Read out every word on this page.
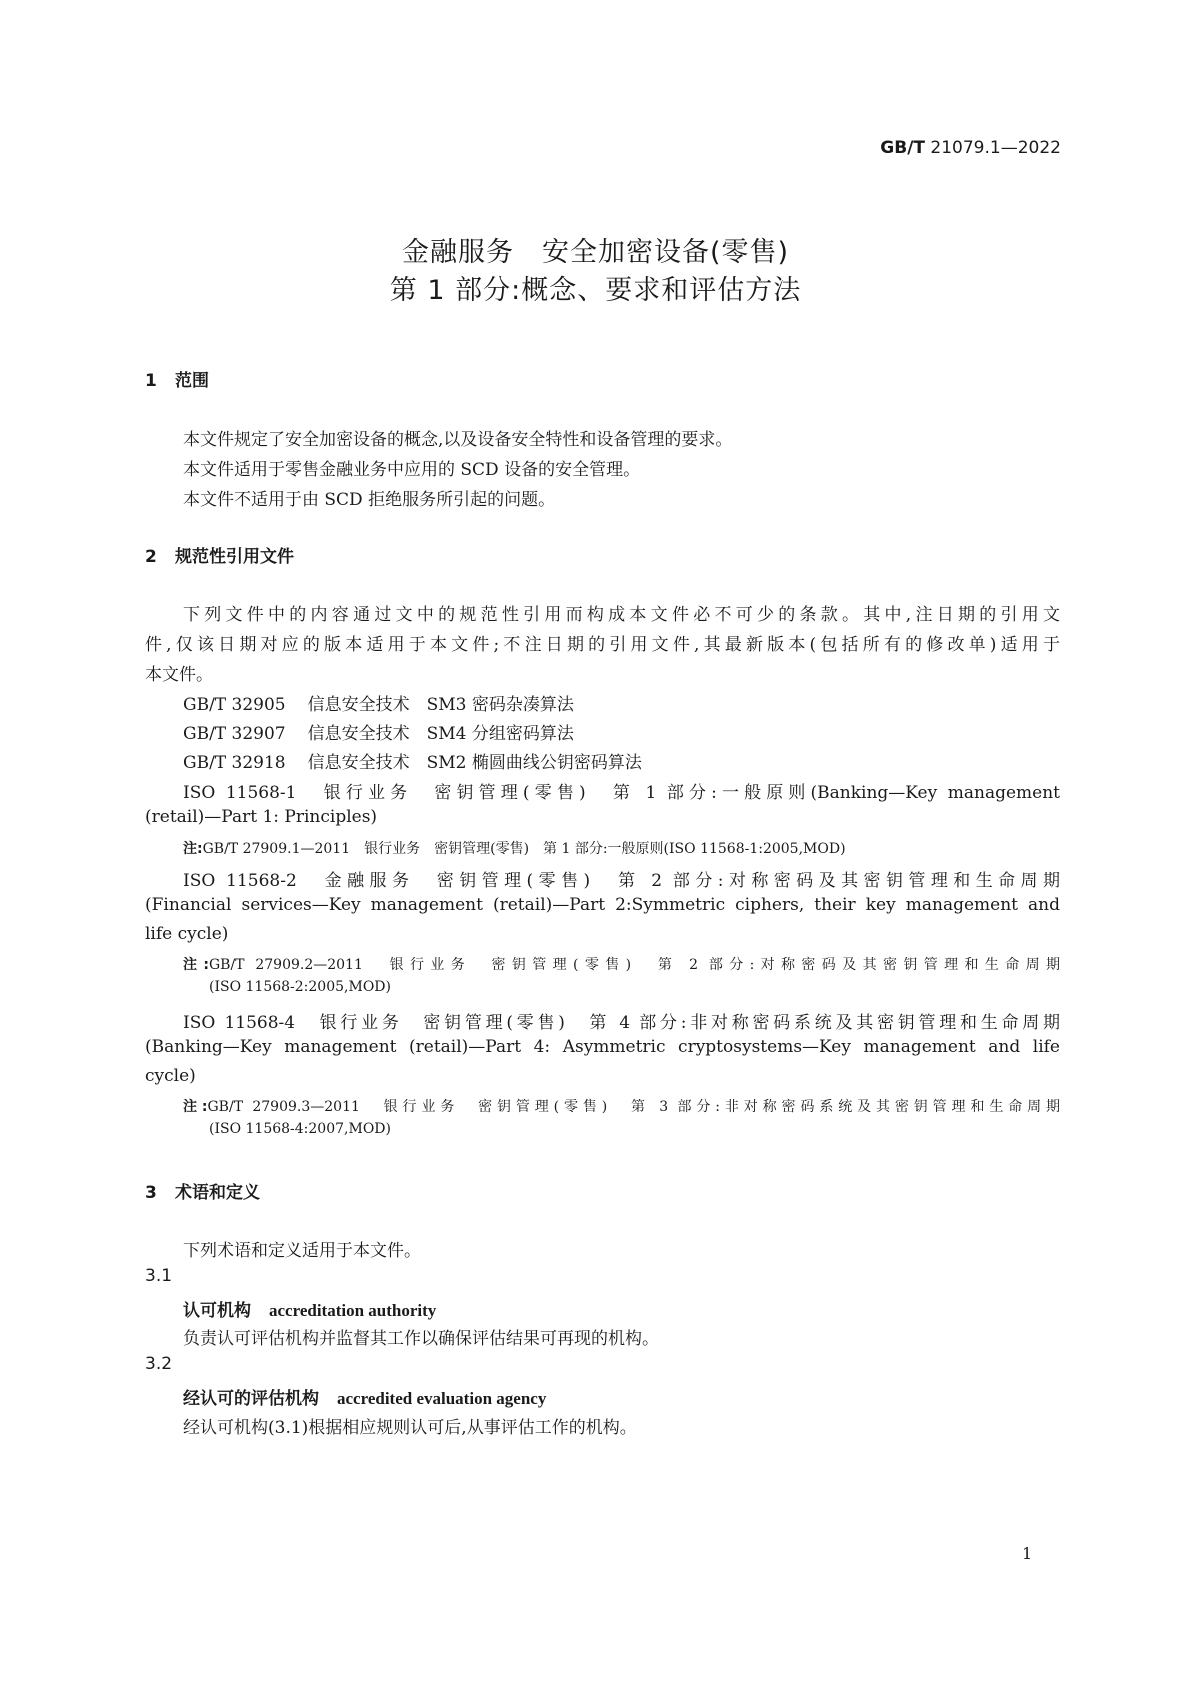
GB/T 21079.1—2022
金融服务　安全加密设备(零售)
第 1 部分:概念、要求和评估方法
1 范围
本文件规定了安全加密设备的概念,以及设备安全特性和设备管理的要求。
本文件适用于零售金融业务中应用的 SCD 设备的安全管理。
本文件不适用于由 SCD 拒绝服务所引起的问题。
2 规范性引用文件
下列文件中的内容通过文中的规范性引用而构成本文件必不可少的条款。其中,注日期的引用文
件,仅该日期对应的版本适用于本文件;不注日期的引用文件,其最新版本(包括所有的修改单)适用于
本文件。
GB/T 32905 信息安全技术　SM3 密码杂凑算法
GB/T 32907 信息安全技术　SM4 分组密码算法
GB/T 32918 信息安全技术　SM2 椭圆曲线公钥密码算法
ISO 11568-1　银行业务　密钥管理(零售)　第 1 部分:一般原则(Banking—Key management
(retail)—Part 1: Principles)
注:GB/T 27909.1—2011　银行业务　密钥管理(零售)　第 1 部分:一般原则(ISO 11568-1:2005,MOD)
ISO 11568-2　金融服务　密钥管理(零售)　第 2 部分:对称密码及其密钥管理和生命周期
(Financial services—Key management (retail)—Part 2:Symmetric ciphers, their key management and
life cycle)
注:GB/T 27909.2—2011　银行业务　密钥管理(零售)　第 2 部分:对称密码及其密钥管理和生命周期
(ISO 11568-2:2005,MOD)
ISO 11568-4　银行业务　密钥管理(零售)　第 4 部分:非对称密码系统及其密钥管理和生命周期
(Banking—Key management (retail)—Part 4: Asymmetric cryptosystems—Key management and life
cycle)
注:GB/T 27909.3—2011　银行业务　密钥管理(零售)　第 3 部分:非对称密码系统及其密钥管理和生命周期
(ISO 11568-4:2007,MOD)
3 术语和定义
下列术语和定义适用于本文件。
3.1
认可机构 accreditation authority
负责认可评估机构并监督其工作以确保评估结果可再现的机构。
3.2
经认可的评估机构 accredited evaluation agency
经认可机构(3.1)根据相应规则认可后,从事评估工作的机构。
1
